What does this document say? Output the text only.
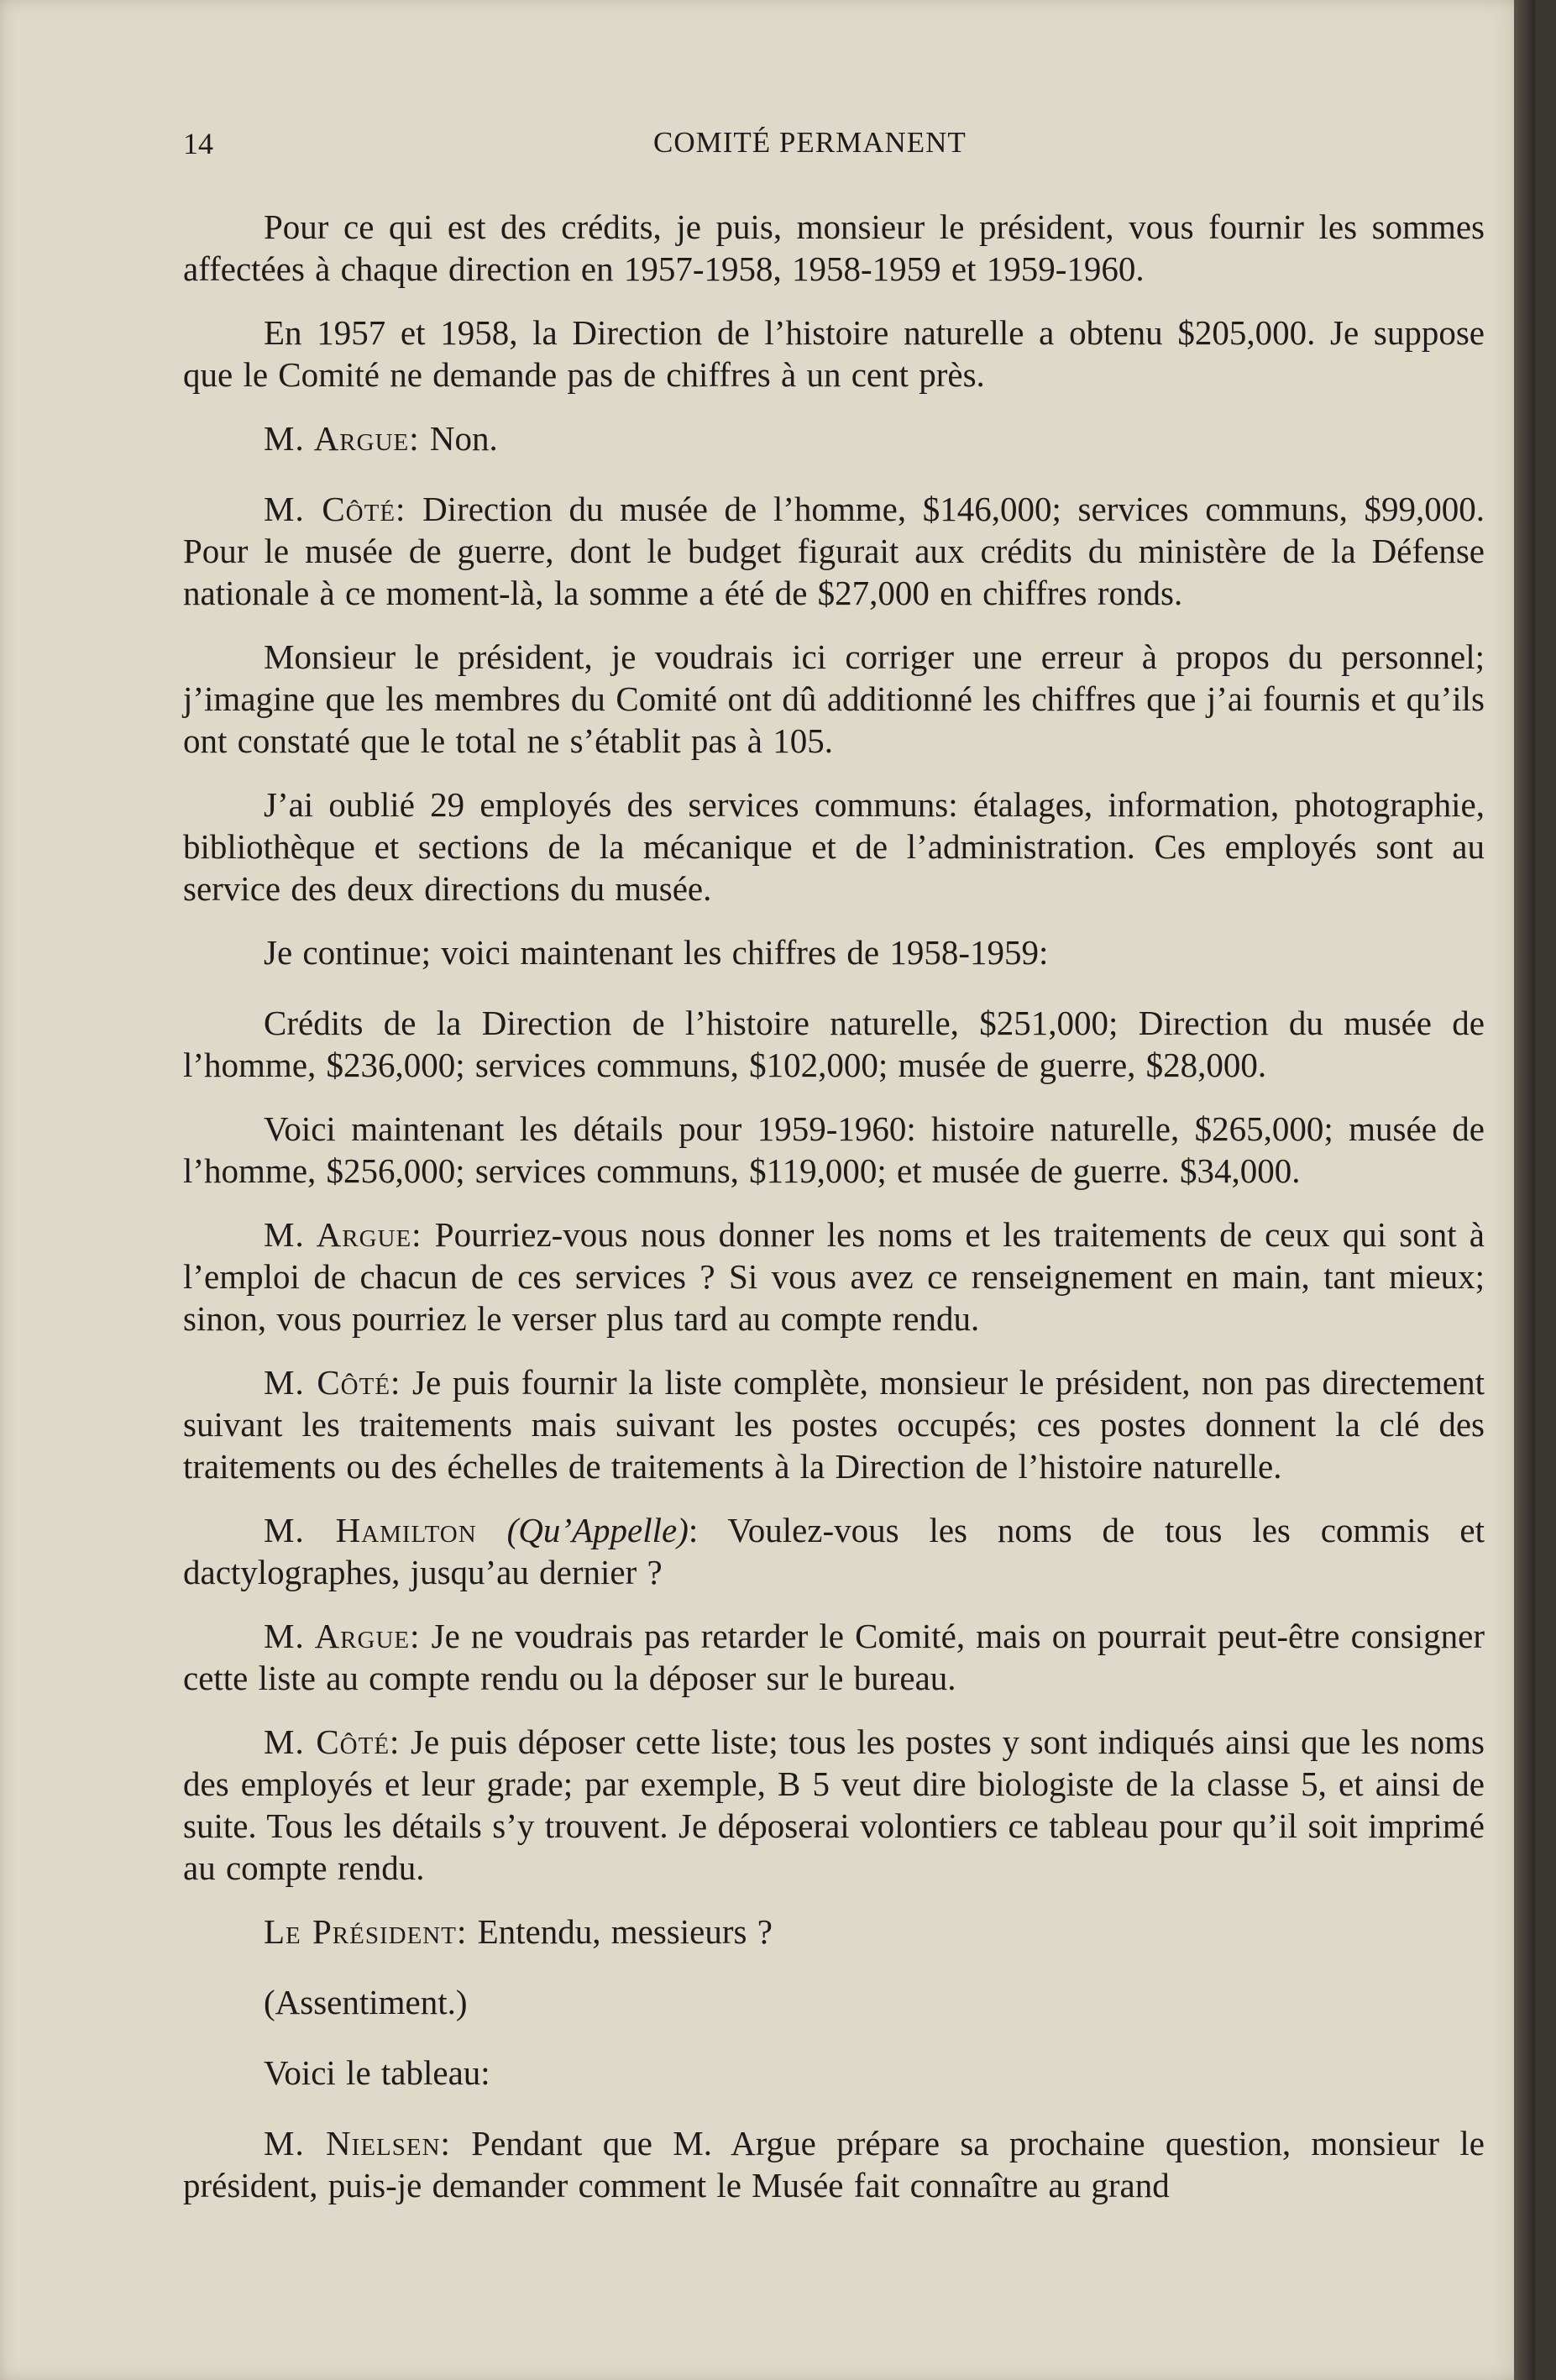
14	COMITÉ PERMANENT

Pour ce qui est des crédits, je puis, monsieur le président, vous fournir les sommes affectées à chaque direction en 1957-1958, 1958-1959 et 1959-1960.

En 1957 et 1958, la Direction de l’histoire naturelle a obtenu $205,000. Je suppose que le Comité ne demande pas de chiffres à un cent près.

M. Argue: Non.

M. Côté: Direction du musée de l’homme, $146,000; services communs, $99,000. Pour le musée de guerre, dont le budget figurait aux crédits du ministère de la Défense nationale à ce moment-là, la somme a été de $27,000 en chiffres ronds.

Monsieur le président, je voudrais ici corriger une erreur à propos du personnel; j’imagine que les membres du Comité ont dû additionné les chiffres que j’ai fournis et qu’ils ont constaté que le total ne s’établit pas à 105.

J’ai oublié 29 employés des services communs: étalages, information, photographie, bibliothèque et sections de la mécanique et de l’administration. Ces employés sont au service des deux directions du musée.

Je continue; voici maintenant les chiffres de 1958-1959:

Crédits de la Direction de l’histoire naturelle, $251,000; Direction du musée de l’homme, $236,000; services communs, $102,000; musée de guerre, $28,000.

Voici maintenant les détails pour 1959-1960: histoire naturelle, $265,000; musée de l’homme, $256,000; services communs, $119,000; et musée de guerre. $34,000.

M. Argue: Pourriez-vous nous donner les noms et les traitements de ceux qui sont à l’emploi de chacun de ces services ? Si vous avez ce renseignement en main, tant mieux; sinon, vous pourriez le verser plus tard au compte rendu.

M. Côté: Je puis fournir la liste complète, monsieur le président, non pas directement suivant les traitements mais suivant les postes occupés; ces postes donnent la clé des traitements ou des échelles de traitements à la Direction de l’histoire naturelle.

M. Hamilton (Qu’Appelle): Voulez-vous les noms de tous les commis et dactylographes, jusqu’au dernier ?

M. Argue: Je ne voudrais pas retarder le Comité, mais on pourrait peut-être consigner cette liste au compte rendu ou la déposer sur le bureau.

M. Côté: Je puis déposer cette liste; tous les postes y sont indiqués ainsi que les noms des employés et leur grade; par exemple, B 5 veut dire biologiste de la classe 5, et ainsi de suite. Tous les détails s’y trouvent. Je déposerai volontiers ce tableau pour qu’il soit imprimé au compte rendu.

Le Président: Entendu, messieurs ?

(Assentiment.)

Voici le tableau:

M. Nielsen: Pendant que M. Argue prépare sa prochaine question, monsieur le président, puis-je demander comment le Musée fait connaître au grand
